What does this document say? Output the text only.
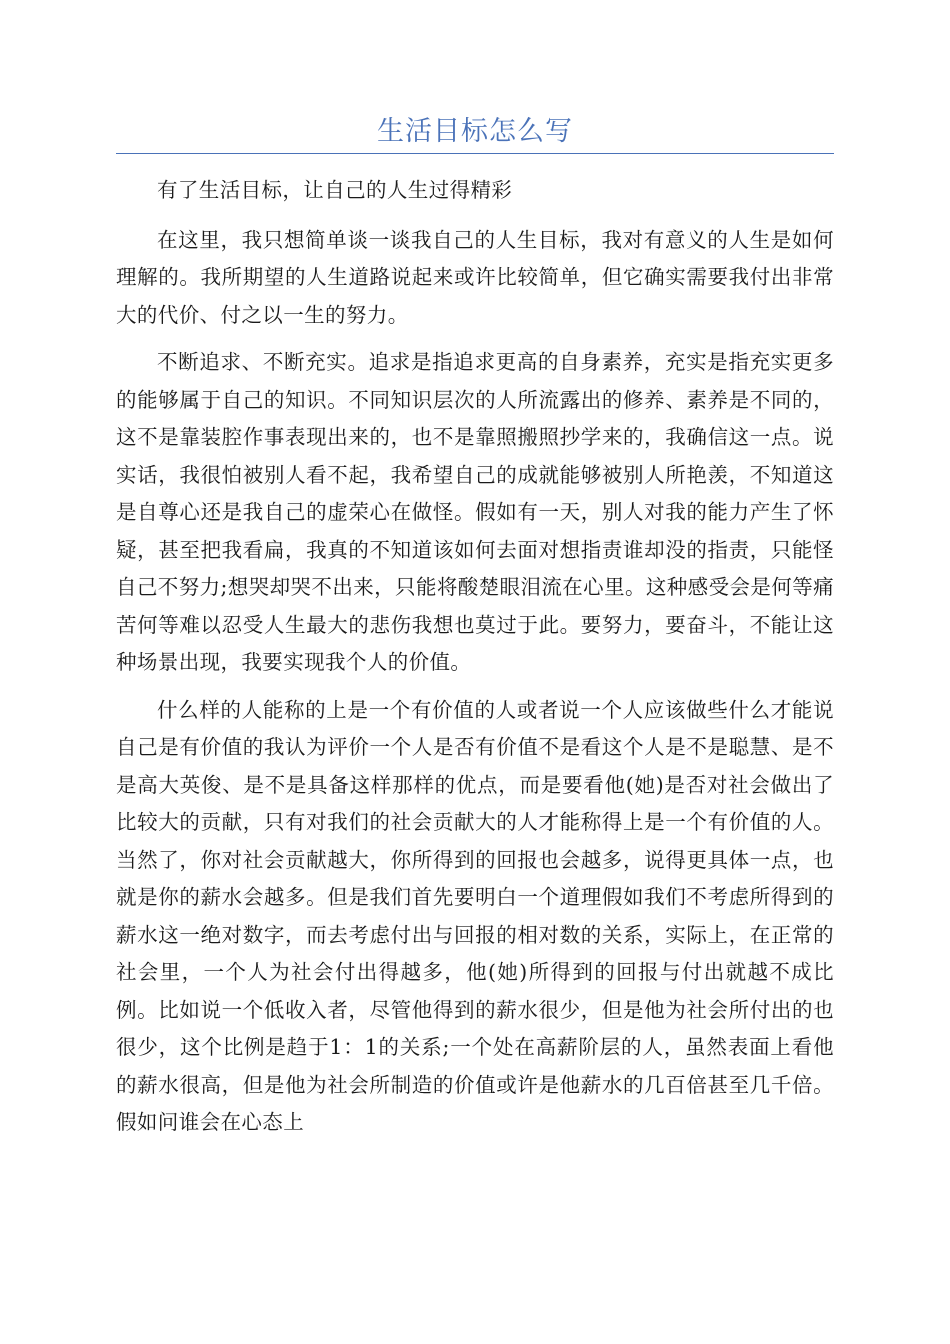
生活目标怎么写

有了生活目标，让自己的人生过得精彩

在这里，我只想简单谈一谈我自己的人生目标，我对有意义的人生是如何理解的。我所期望的人生道路说起来或许比较简单，但它确实需要我付出非常大的代价、付之以一生的努力。

不断追求、不断充实。追求是指追求更高的自身素养，充实是指充实更多的能够属于自己的知识。不同知识层次的人所流露出的修养、素养是不同的，这不是靠装腔作事表现出来的，也不是靠照搬照抄学来的，我确信这一点。说实话，我很怕被别人看不起，我希望自己的成就能够被别人所艳羡，不知道这是自尊心还是我自己的虚荣心在做怪。假如有一天，别人对我的能力产生了怀疑，甚至把我看扁，我真的不知道该如何去面对想指责谁却没的指责，只能怪自己不努力;想哭却哭不出来，只能将酸楚眼泪流在心里。这种感受会是何等痛苦何等难以忍受人生最大的悲伤我想也莫过于此。要努力，要奋斗，不能让这种场景出现，我要实现我个人的价值。

什么样的人能称的上是一个有价值的人或者说一个人应该做些什么才能说自己是有价值的我认为评价一个人是否有价值不是看这个人是不是聪慧、是不是高大英俊、是不是具备这样那样的优点，而是要看他(她)是否对社会做出了比较大的贡献，只有对我们的社会贡献大的人才能称得上是一个有价值的人。当然了，你对社会贡献越大，你所得到的回报也会越多，说得更具体一点，也就是你的薪水会越多。但是我们首先要明白一个道理假如我们不考虑所得到的薪水这一绝对数字，而去考虑付出与回报的相对数的关系，实际上，在正常的社会里，一个人为社会付出得越多，他(她)所得到的回报与付出就越不成比例。比如说一个低收入者，尽管他得到的薪水很少，但是他为社会所付出的也很少，这个比例是趋于1：1的关系;一个处在高薪阶层的人，虽然表面上看他的薪水很高，但是他为社会所制造的价值或许是他薪水的几百倍甚至几千倍。假如问谁会在心态上
